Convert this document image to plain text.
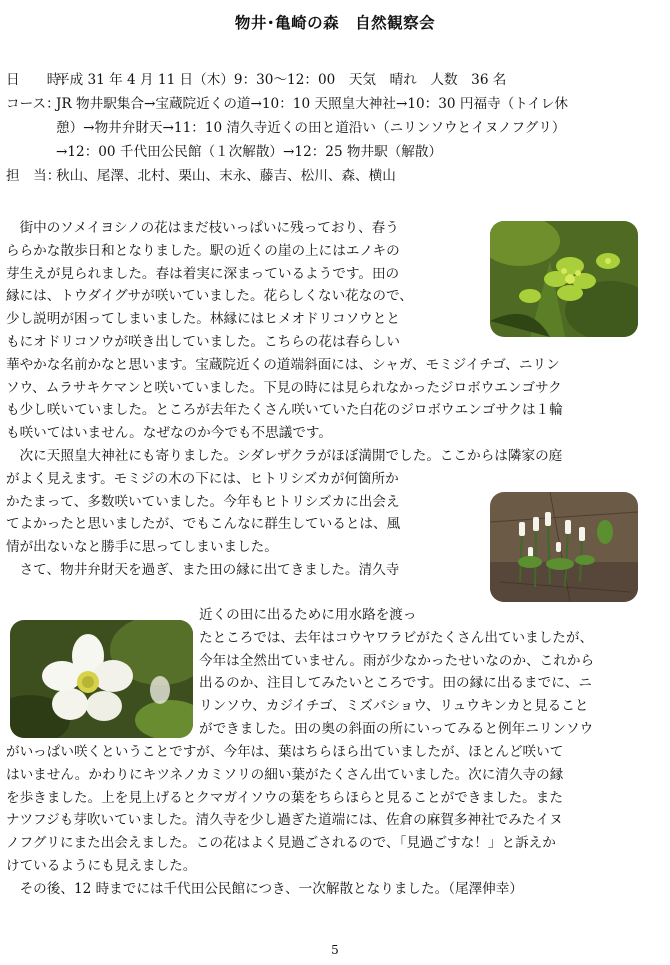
物井･亀崎の森　自然観察会
日　　時：平成 31 年 4 月 11 日（木）9：30～12：00　天気　晴れ　人数　36 名
コース：JR 物井駅集合→宝蔵院近くの道→10：10 天照皇大神社→10：30 円福寺（トイレ休
憩）→物井弁財天→11：10 清久寺近くの田と道沿い（ニリンソウとイヌノフグリ）
→12：00 千代田公民館（１次解散）→12：25 物井駅（解散）
担　当：秋山、尾澤、北村、栗山、末永、藤吉、松川、森、横山
　街中のソメイヨシノの花はまだ枝いっぱいに残っており、春う
ららかな散歩日和となりました。駅の近くの崖の上にはエノキの
芽生えが見られました。春は着実に深まっているようです。田の
縁には、トウダイグサが咲いていました。花らしくない花なので、
少し説明が困ってしまいました。林縁にはヒメオドリコソウとと
もにオドリコソウが咲き出していました。こちらの花は春らしい
華やかな名前かなと思います。宝蔵院近くの道端斜面には、シャガ、モミジイチゴ、ニリン
ソウ、ムラサキケマンと咲いていました。下見の時には見られなかったジロボウエンゴサク
も少し咲いていました。ところが去年たくさん咲いていた白花のジロボウエンゴサクは１輪
も咲いてはいません。なぜなのか今でも不思議です。
　次に天照皇大神社にも寄りました。シダレザクラがほぼ満開でした。ここからは隣家の庭
がよく見えます。モミジの木の下には、ヒトリシズカが何箇所か
かたまって、多数咲いていました。今年もヒトリシズカに出会え
てよかったと思いましたが、でもこんなに群生しているとは、風
情が出ないなと勝手に思ってしまいました。
　さて、物井弁財天を過ぎ、また田の縁に出てきました。清久寺
近くの田に出るために用水路を渡っ
たところでは、去年はコウヤワラビがたくさん出ていましたが、
今年は全然出ていません。雨が少なかったせいなのか、これから
出るのか、注目してみたいところです。田の縁に出るまでに、ニ
リンソウ、カジイチゴ、ミズバショウ、リュウキンカと見ること
ができました。田の奥の斜面の所にいってみると例年ニリンソウ
がいっぱい咲くということですが、今年は、葉はちらほら出ていましたが、ほとんど咲いて
はいません。かわりにキツネノカミソリの細い葉がたくさん出ていました。次に清久寺の縁
を歩きました。上を見上げるとクマガイソウの葉をちらほらと見ることができました。また
ナツフジも芽吹いていました。清久寺を少し過ぎた道端には、佐倉の麻賀多神社でみたイヌ
ノフグリにまた出会えました。この花はよく見過ごされるので、「見過ごすな！」と訴えか
けているようにも見えました。
　その後、12 時までには千代田公民館につき、一次解散となりました。（尾澤伸幸）
5
